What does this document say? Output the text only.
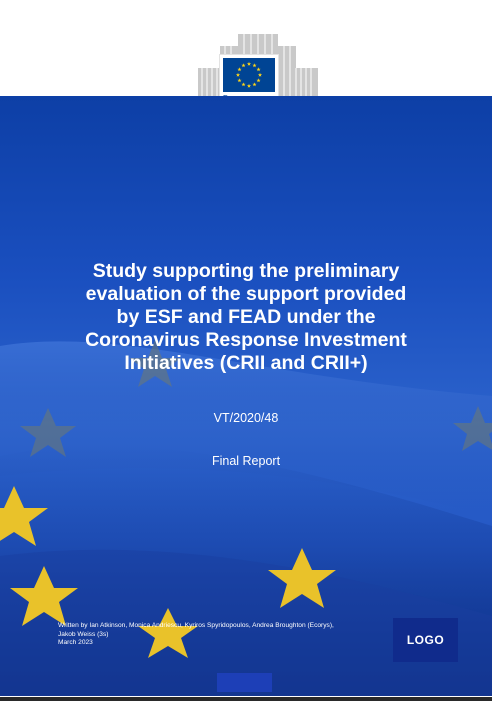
Study supporting the preliminary
evaluation of the support provided
by ESF and FEAD under the
Coronavirus Response Investment
Initiatives (CRII and CRII+)
VT/2020/48
Final Report
Written by Ian Atkinson, Monica Andriescu, Kyriros Spyridopoulos, Andrea Broughton (Ecorys),
Jakob Weiss (3s)
March 2023	LOGO
